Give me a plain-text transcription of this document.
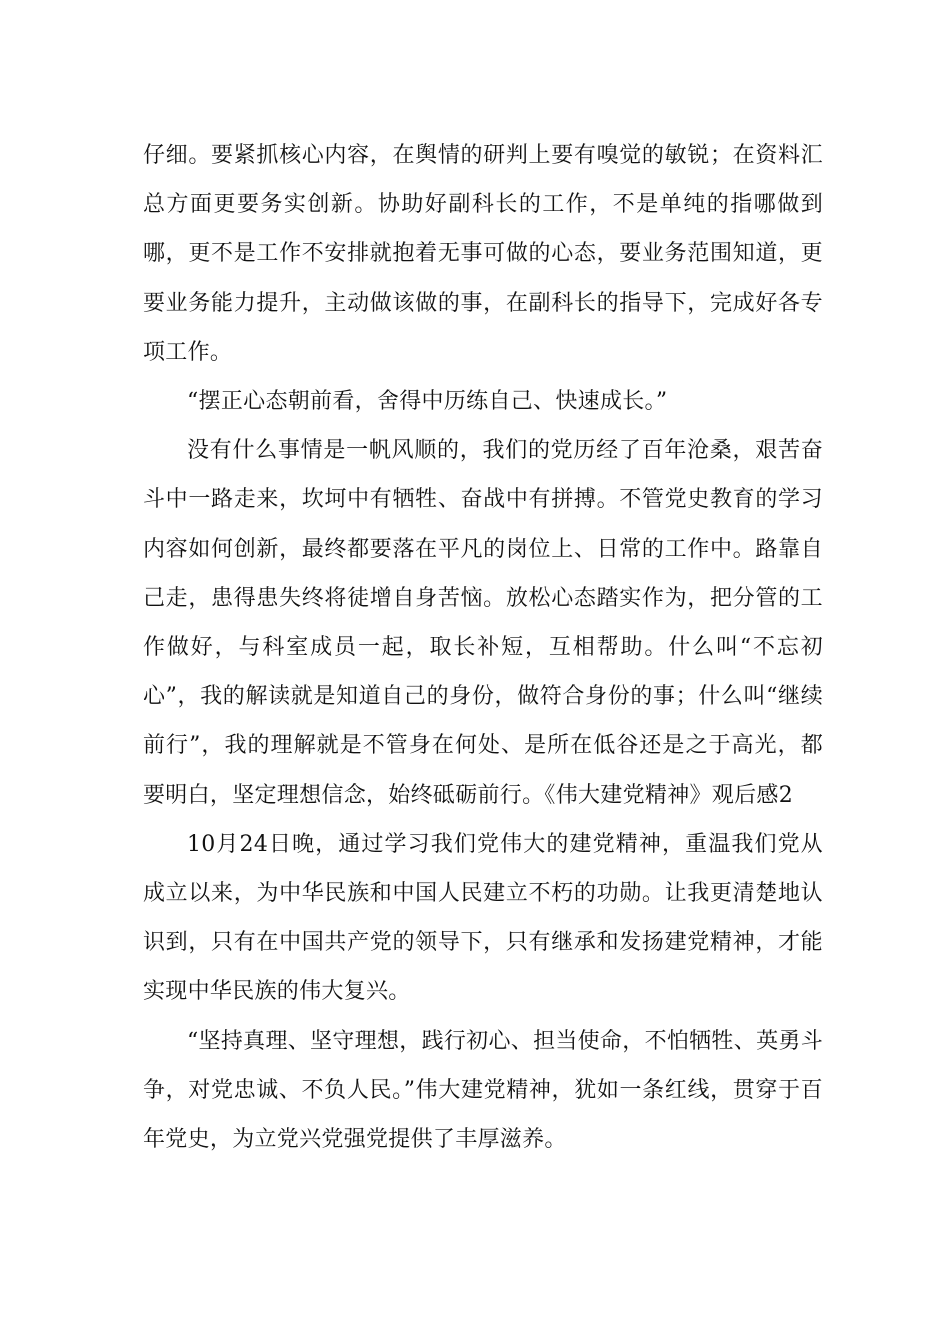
仔细。要紧抓核心内容，在舆情的研判上要有嗅觉的敏锐；在资料汇总方面更要务实创新。协助好副科长的工作，不是单纯的指哪做到哪，更不是工作不安排就抱着无事可做的心态，要业务范围知道，更要业务能力提升，主动做该做的事，在副科长的指导下，完成好各专项工作。

“摆正心态朝前看，舍得中历练自己、快速成长。”

没有什么事情是一帆风顺的，我们的党历经了百年沧桑，艰苦奋斗中一路走来，坎坷中有牺牲、奋战中有拼搏。不管党史教育的学习内容如何创新，最终都要落在平凡的岗位上、日常的工作中。路靠自己走，患得患失终将徒增自身苦恼。放松心态踏实作为，把分管的工作做好，与科室成员一起，取长补短，互相帮助。什么叫“不忘初心”，我的解读就是知道自己的身份，做符合身份的事；什么叫“继续前行”，我的理解就是不管身在何处、是所在低谷还是之于高光，都要明白，坚定理想信念，始终砥砺前行。《伟大建党精神》观后感2

10月24日晚，通过学习我们党伟大的建党精神，重温我们党从成立以来，为中华民族和中国人民建立不朽的功勋。让我更清楚地认识到，只有在中国共产党的领导下，只有继承和发扬建党精神，才能实现中华民族的伟大复兴。

“坚持真理、坚守理想，践行初心、担当使命，不怕牺牲、英勇斗争，对党忠诚、不负人民。”伟大建党精神，犹如一条红线，贯穿于百年党史，为立党兴党强党提供了丰厚滋养。
